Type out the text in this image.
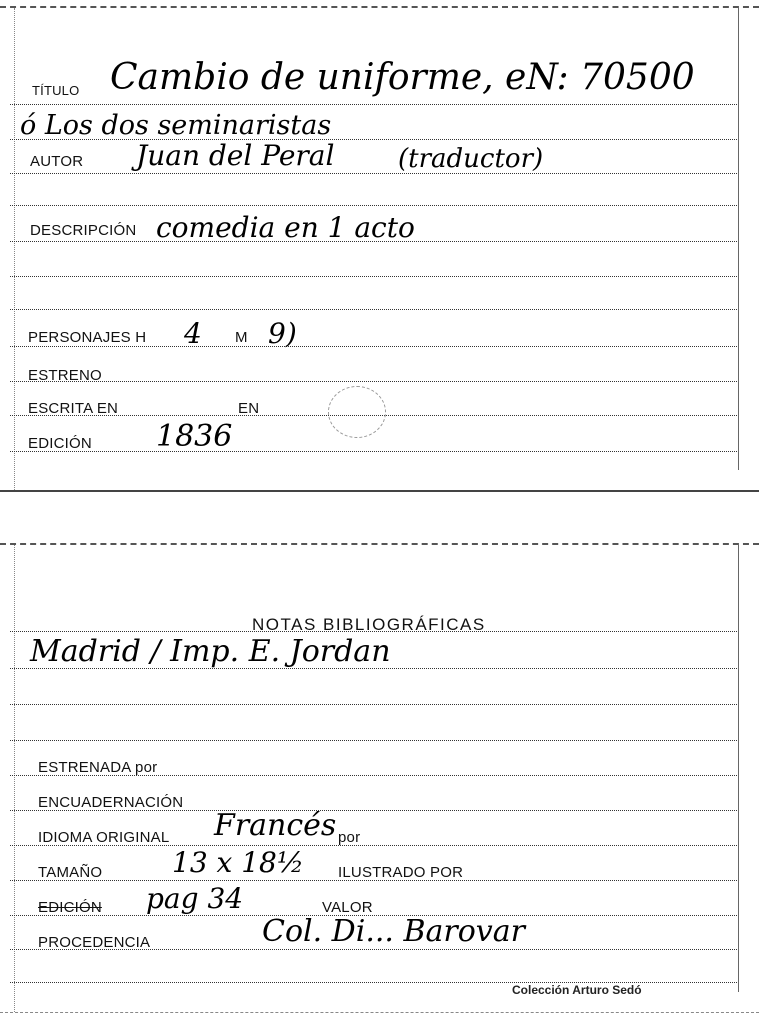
TÍTULO Cambio de uniforme, eN: 70500
ó Los dos seminaristas
AUTOR Juan del Peral (traductor)
DESCRIPCIÓN comedia en 1 acto
PERSONAJES H 4 M 9)
ESTRENO
ESCRITA EN	EN
EDICIÓN 1836
NOTAS BIBLIOGRÁFICAS
Madrid / Imp. E. Jordan
ESTRENADA por
ENCUADERNACIÓN
IDIOMA ORIGINAL Francés por
TAMAÑO 13 x 18½ ILUSTRADO POR
EDICIÓN pag 34	VALOR
PROCEDENCIA	Col. Di... Barovar
Colección Arturo Sedó
